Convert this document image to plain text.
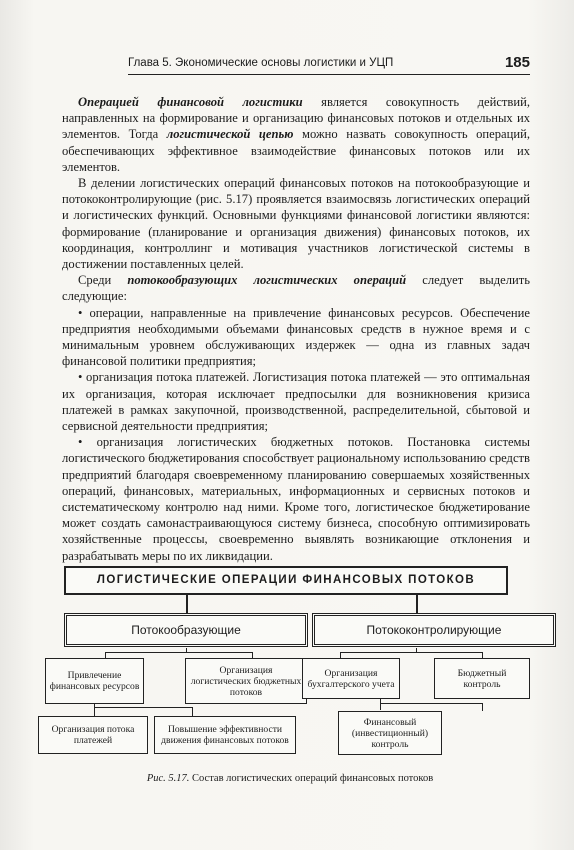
Глава 5. Экономические основы логистики и УЦП	185

Операцией финансовой логистики является совокупность действий, направленных на формирование и организацию финансовых потоков и отдельных их элементов. Тогда логистической цепью можно назвать совокупность операций, обеспечивающих эффективное взаимодействие финансовых потоков или их элементов.

В делении логистических операций финансовых потоков на потокообразующие и потококонтролирующие (рис. 5.17) проявляется взаимосвязь логистических операций и логистических функций. Основными функциями финансовой логистики являются: формирование (планирование и организация движения) финансовых потоков, их координация, контроллинг и мотивация участников логистической системы в достижении поставленных целей.

Среди потокообразующих логистических операций следует выделить следующие:

• операции, направленные на привлечение финансовых ресурсов. Обеспечение предприятия необходимыми объемами финансовых средств в нужное время и с минимальным уровнем обслуживающих издержек — одна из главных задач финансовой политики предприятия;

• организация потока платежей. Логистизация потока платежей — это оптимальная их организация, которая исключает предпосылки для возникновения кризиса платежей в рамках закупочной, производственной, распределительной, сбытовой и сервисной деятельности предприятия;

• организация логистических бюджетных потоков. Постановка системы логистического бюджетирования способствует рациональному использованию средств предприятий благодаря своевременному планированию совершаемых хозяйственных операций, финансовых, материальных, информационных и сервисных потоков и систематическому контролю над ними. Кроме того, логистическое бюджетирование может создать самонастраивающуюся систему бизнеса, способную оптимизировать хозяйственные процессы, своевременно выявлять возникающие отклонения и разрабатывать меры по их ликвидации.

ЛОГИСТИЧЕСКИЕ ОПЕРАЦИИ ФИНАНСОВЫХ ПОТОКОВ
Потокообразующие	Потококонтролирующие
Привлечение финансовых ресурсов
Организация логистических бюджетных потоков
Организация потока платежей
Повышение эффективности движения финансовых потоков
Организация бухгалтерского учета
Бюджетный контроль
Финансовый (инвестиционный) контроль
Рис. 5.17. Состав логистических операций финансовых потоков
